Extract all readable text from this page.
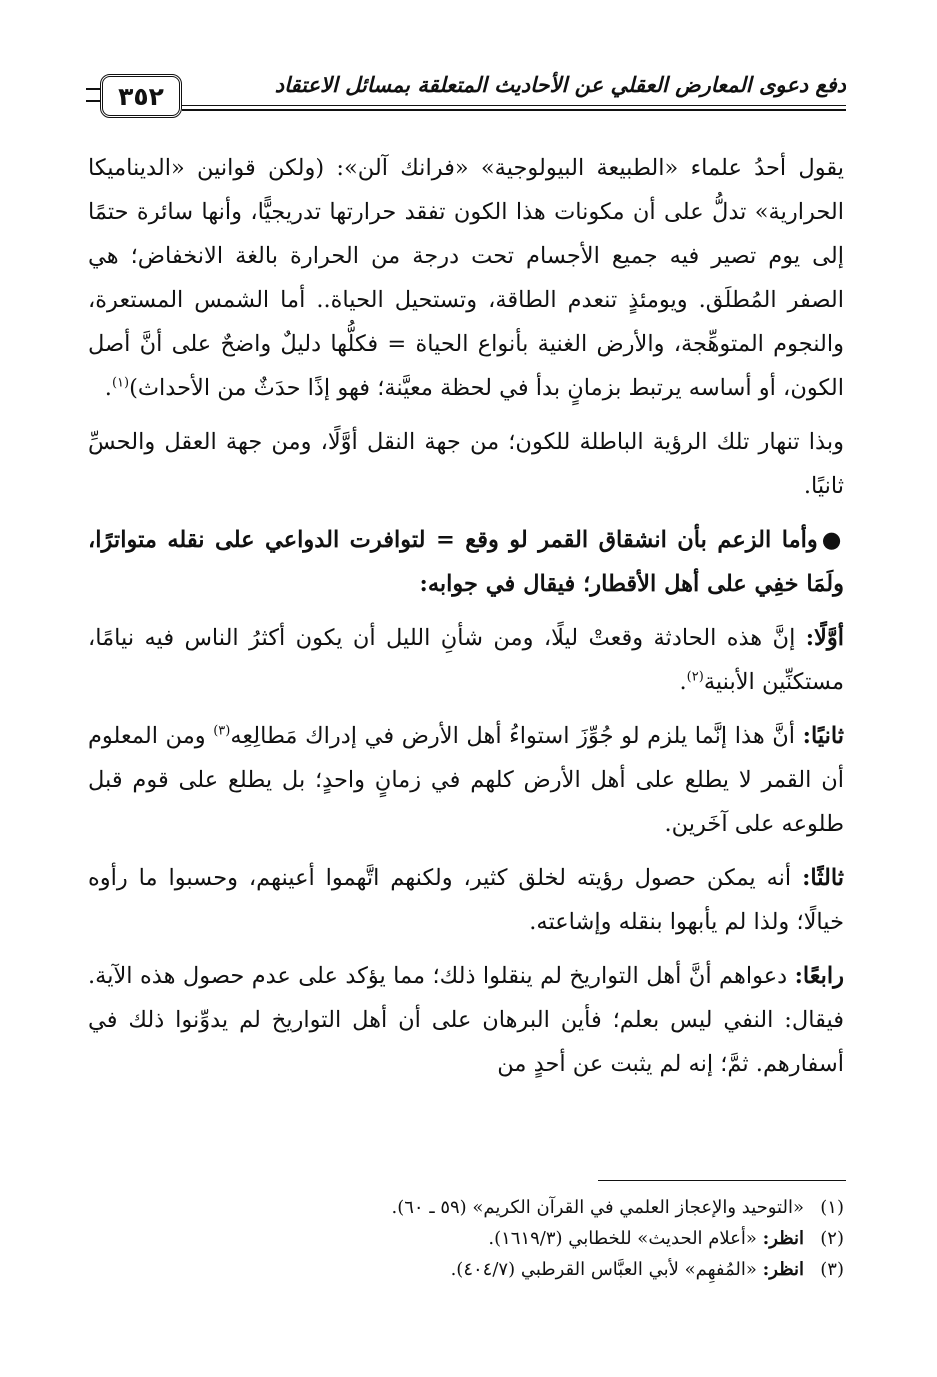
٣٥٢	دفع دعوى المعارض العقلي عن الأحاديث المتعلقة بمسائل الاعتقاد

يقول أحدُ علماء «الطبيعة البيولوجية» «فرانك آلن»: (ولكن قوانين «الديناميكا الحرارية» تدلُّ على أن مكونات هذا الكون تفقد حرارتها تدريجيًّا، وأنها سائرة حتمًا إلى يوم تصير فيه جميع الأجسام تحت درجة من الحرارة بالغة الانخفاض؛ هي الصفر المُطلَق. ويومئذٍ تنعدم الطاقة، وتستحيل الحياة.. أما الشمس المستعرة، والنجوم المتوهِّجة، والأرض الغنية بأنواع الحياة = فكلُّها دليلٌ واضحٌ على أنَّ أصل الكون، أو أساسه يرتبط بزمانٍ بدأ في لحظة معيَّنة؛ فهو إذًا حدَثٌ من الأحداث)$^{(١)}$.

وبذا تنهار تلك الرؤية الباطلة للكون؛ من جهة النقل أوَّلًا، ومن جهة العقل والحسِّ ثانيًا.

●وأما الزعم بأن انشقاق القمر لو وقع = لتوافرت الدواعي على نقله متواترًا، ولَمَا خفِي على أهل الأقطار؛ فيقال في جوابه:

أوَّلًا: إنَّ هذه الحادثة وقعتْ ليلًا، ومن شأنِ الليل أن يكون أكثرُ الناس فيه نيامًا، مستكنِّين الأبنية$^{(٢)}$.

ثانيًا: أنَّ هذا إنَّما يلزم لو جُوِّزَ استواءُ أهل الأرض في إدراك مَطالِعِه$^{(٣)}$ ومن المعلوم أن القمر لا يطلع على أهل الأرض كلهم في زمانٍ واحدٍ؛ بل يطلع على قوم قبل طلوعه على آخَرين.

ثالثًا: أنه يمكن حصول رؤيته لخلق كثير، ولكنهم اتَّهموا أعينهم، وحسبوا ما رأوه خيالًا؛ ولذا لم يأبهوا بنقله وإشاعته.

رابعًا: دعواهم أنَّ أهل التواريخ لم ينقلوا ذلك؛ مما يؤكد على عدم حصول هذه الآية. فيقال: النفي ليس بعلم؛ فأين البرهان على أن أهل التواريخ لم يدوِّنوا ذلك في أسفارهم. ثمَّ؛ إنه لم يثبت عن أحدٍ من

(١)«التوحيد والإعجاز العلمي في القرآن الكريم» (٥٩ ـ ٦٠).
(٢)انظر: «أعلام الحديث» للخطابي (١٦١٩/٣).
(٣)انظر: «المُفهِم» لأبي العبَّاس القرطبي (٤٠٤/٧).
